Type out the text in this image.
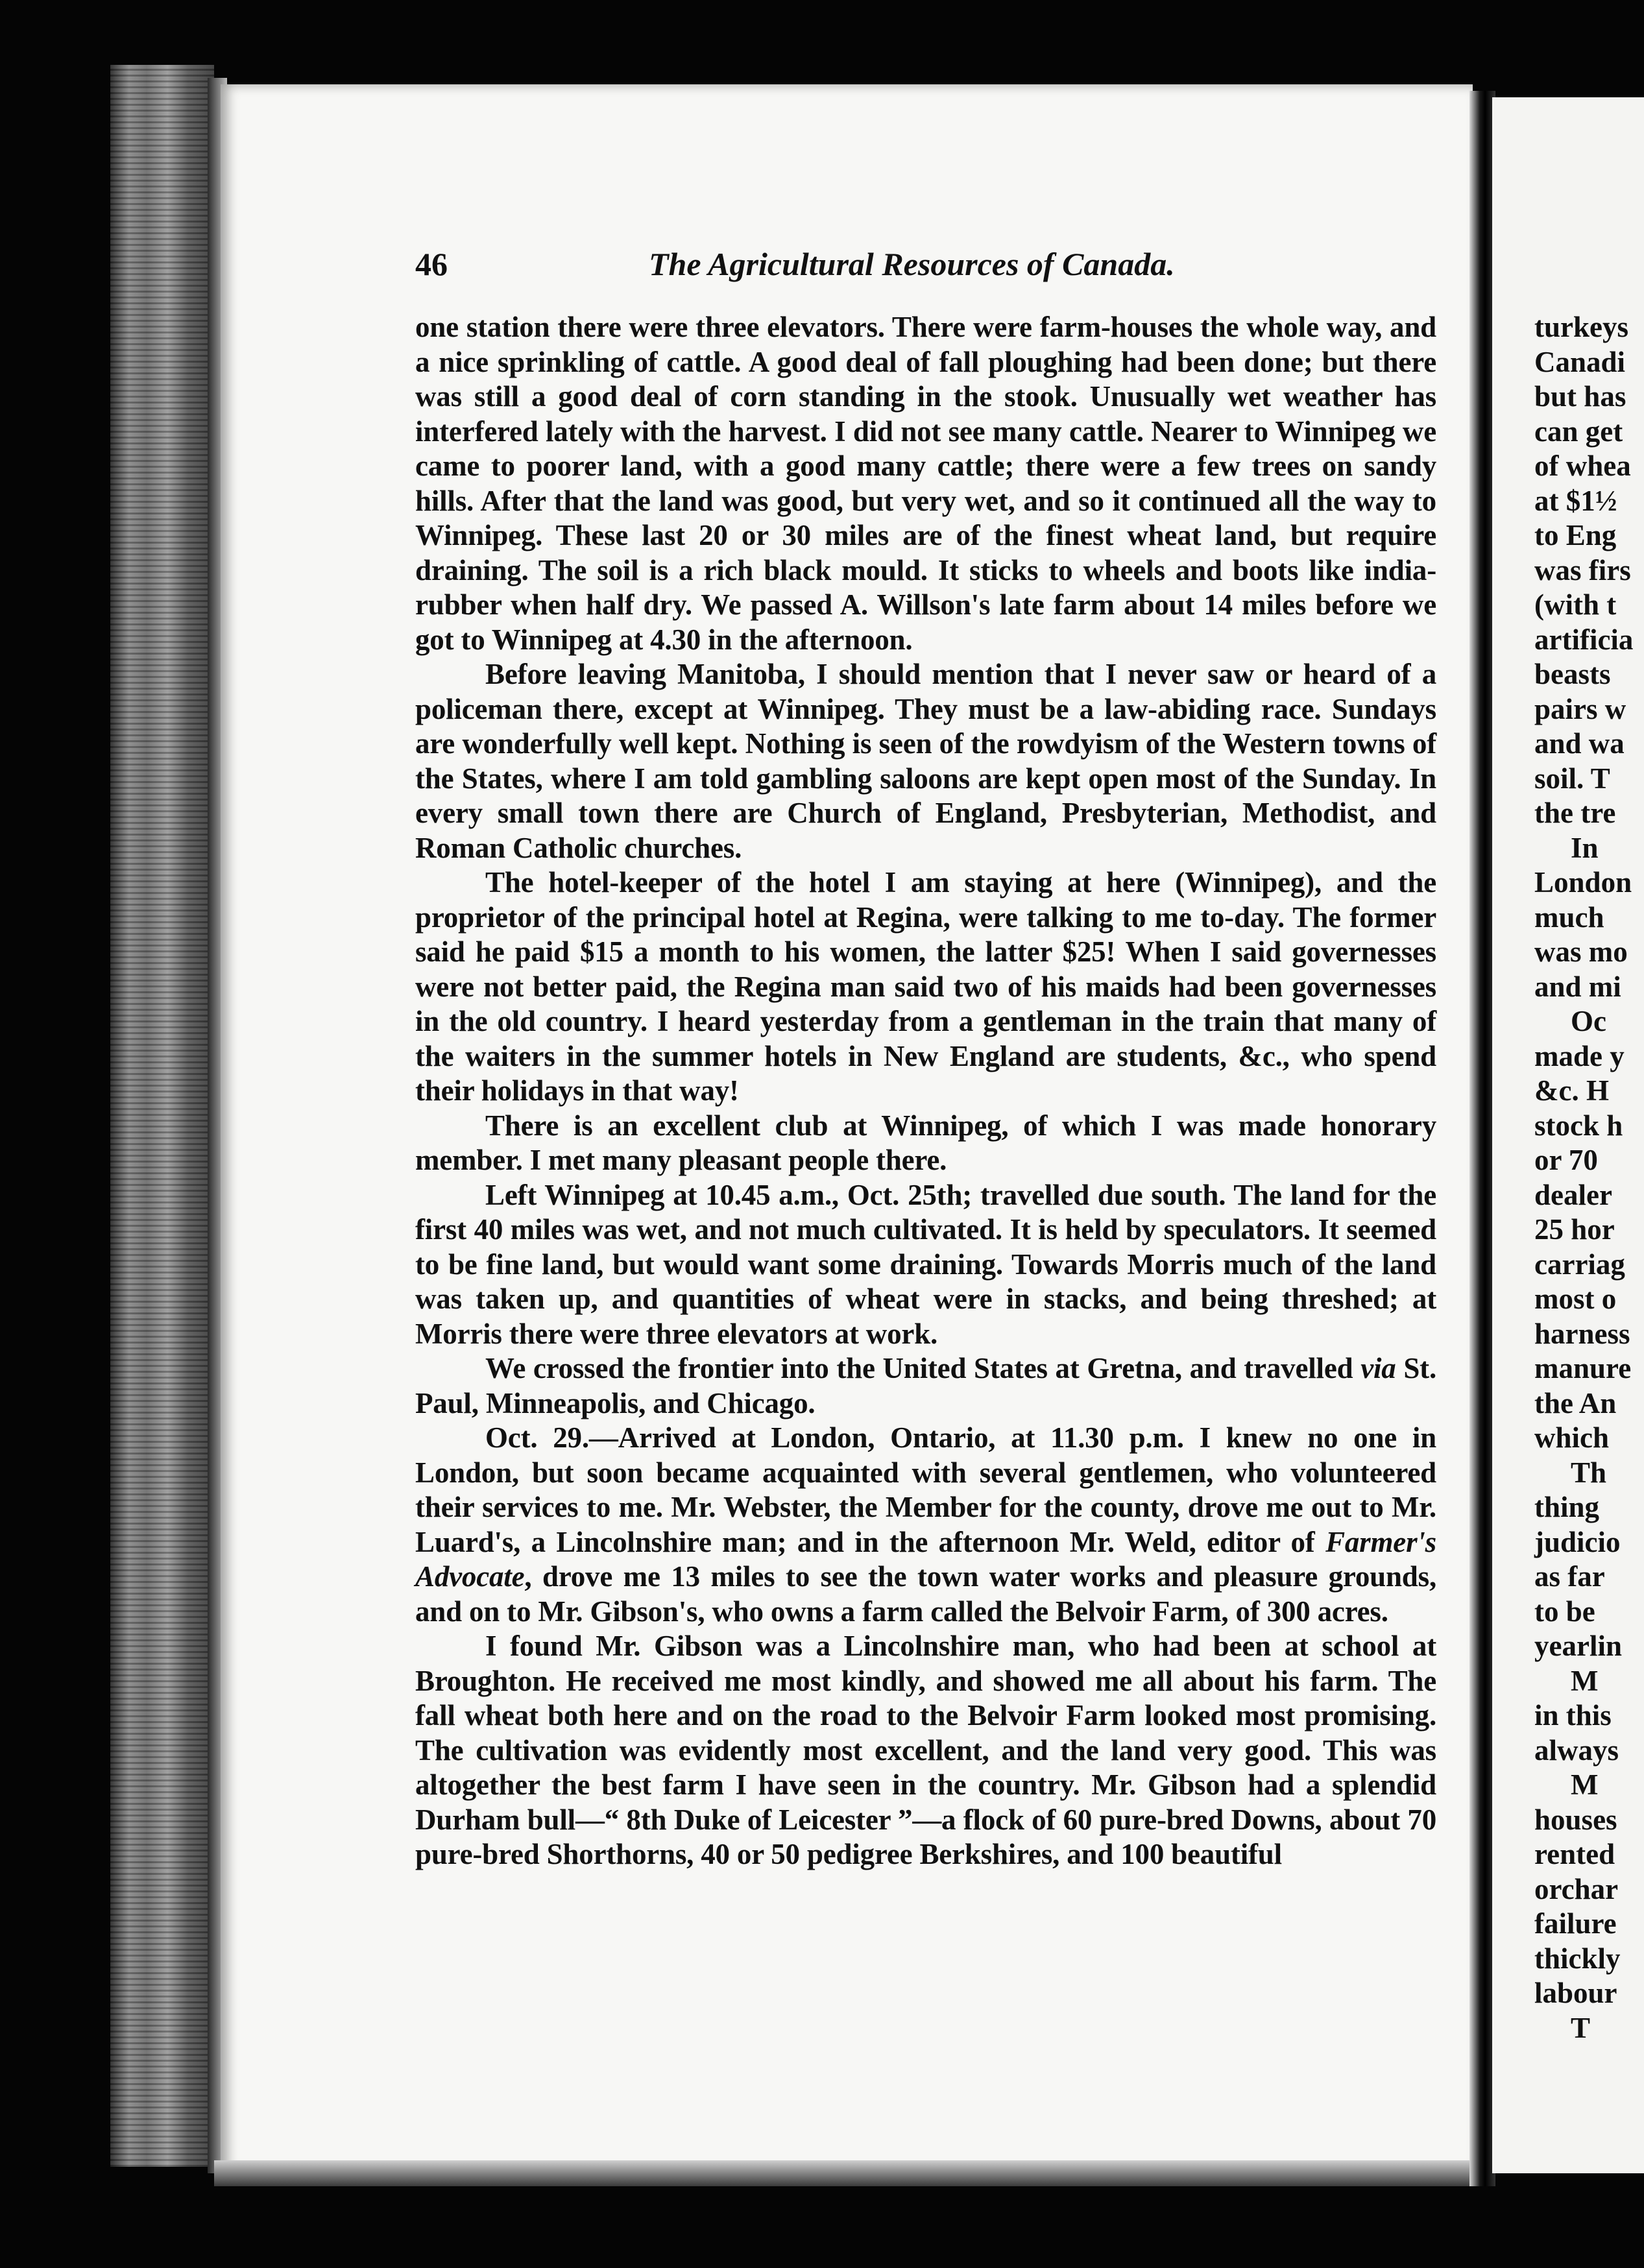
46	The Agricultural Resources of Canada.

one station there were three elevators. There were farm-houses the whole way, and a nice sprinkling of cattle. A good deal of fall ploughing had been done; but there was still a good deal of corn standing in the stook. Unusually wet weather has interfered lately with the harvest. I did not see many cattle. Nearer to Winnipeg we came to poorer land, with a good many cattle; there were a few trees on sandy hills. After that the land was good, but very wet, and so it continued all the way to Winnipeg. These last 20 or 30 miles are of the finest wheat land, but require draining. The soil is a rich black mould. It sticks to wheels and boots like india-rubber when half dry. We passed A. Willson's late farm about 14 miles before we got to Winnipeg at 4.30 in the afternoon.

Before leaving Manitoba, I should mention that I never saw or heard of a policeman there, except at Winnipeg. They must be a law-abiding race. Sundays are wonderfully well kept. Nothing is seen of the rowdyism of the Western towns of the States, where I am told gambling saloons are kept open most of the Sunday. In every small town there are Church of England, Presbyterian, Methodist, and Roman Catholic churches.

The hotel-keeper of the hotel I am staying at here (Winnipeg), and the proprietor of the principal hotel at Regina, were talking to me to-day. The former said he paid $15 a month to his women, the latter $25! When I said governesses were not better paid, the Regina man said two of his maids had been governesses in the old country. I heard yesterday from a gentleman in the train that many of the waiters in the summer hotels in New England are students, &c., who spend their holidays in that way!

There is an excellent club at Winnipeg, of which I was made honorary member. I met many pleasant people there.

Left Winnipeg at 10.45 a.m., Oct. 25th; travelled due south. The land for the first 40 miles was wet, and not much cultivated. It is held by speculators. It seemed to be fine land, but would want some draining. Towards Morris much of the land was taken up, and quantities of wheat were in stacks, and being threshed; at Morris there were three elevators at work.

We crossed the frontier into the United States at Gretna, and travelled via St. Paul, Minneapolis, and Chicago.

Oct. 29.—Arrived at London, Ontario, at 11.30 p.m. I knew no one in London, but soon became acquainted with several gentlemen, who volunteered their services to me. Mr. Webster, the Member for the county, drove me out to Mr. Luard's, a Lincolnshire man; and in the afternoon Mr. Weld, editor of Farmer's Advocate, drove me 13 miles to see the town water works and pleasure grounds, and on to Mr. Gibson's, who owns a farm called the Belvoir Farm, of 300 acres.

I found Mr. Gibson was a Lincolnshire man, who had been at school at Broughton. He received me most kindly, and showed me all about his farm. The fall wheat both here and on the road to the Belvoir Farm looked most promising. The cultivation was evidently most excellent, and the land very good. This was altogether the best farm I have seen in the country. Mr. Gibson had a splendid Durham bull—“ 8th Duke of Leicester ”—a flock of 60 pure-bred Downs, about 70 pure-bred Shorthorns, 40 or 50 pedigree Berkshires, and 100 beautiful

turkeys
Canadi
but has
can get
of whea
at $1½
to Eng
was firs
(with t
artificia
beasts
pairs w
and wa
soil. T
the tre
In
London
much
was mo
and mi
Oc
made y
&c. H
stock h
or 70
dealer
25 hor
carriag
most o
harness
manure
the An
which
Th
thing
judicio
as far
to be
yearlin
M
in this
always
M
houses
rented
orchar
failure
thickly
labour
T
